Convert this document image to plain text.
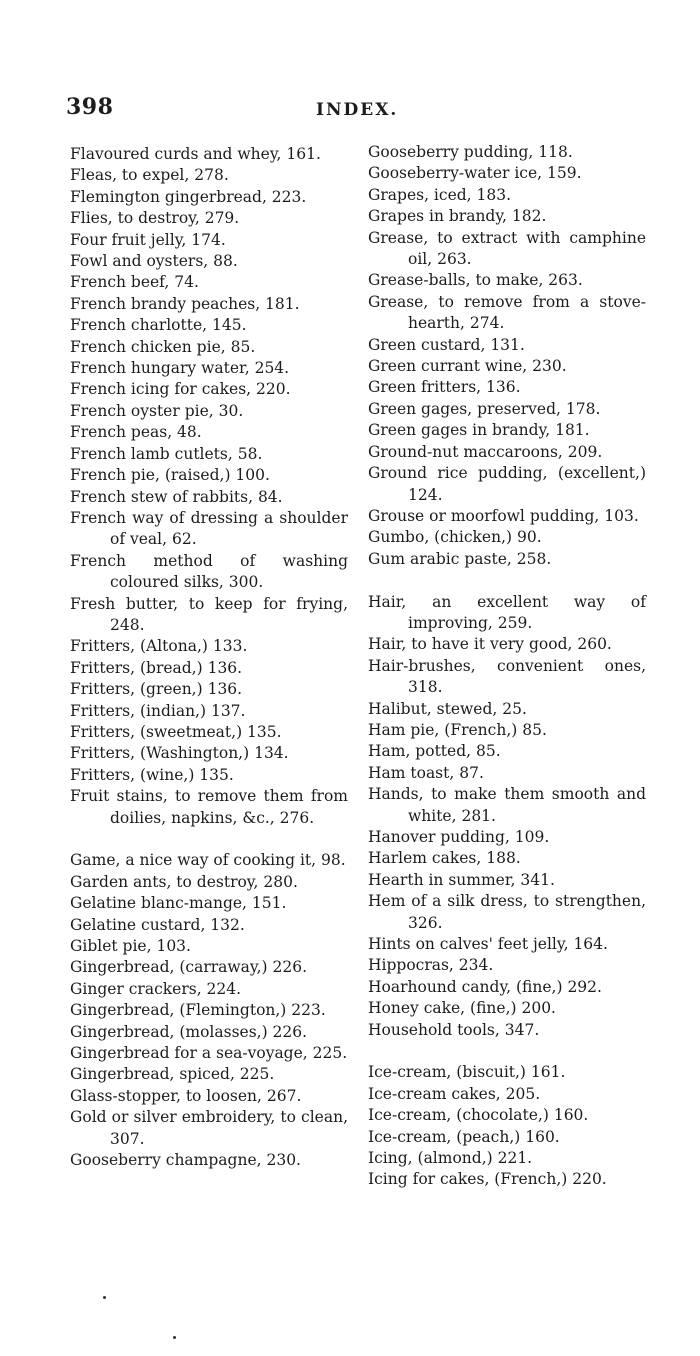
398	INDEX.
Flavoured curds and whey, 161.
Fleas, to expel, 278.
Flemington gingerbread, 223.
Flies, to destroy, 279.
Four fruit jelly, 174.
Fowl and oysters, 88.
French beef, 74.
French brandy peaches, 181.
French charlotte, 145.
French chicken pie, 85.
French hungary water, 254.
French icing for cakes, 220.
French oyster pie, 30.
French peas, 48.
French lamb cutlets, 58.
French pie, (raised,) 100.
French stew of rabbits, 84.
French way of dressing a shoulder of veal, 62.
French method of washing coloured silks, 300.
Fresh butter, to keep for frying, 248.
Fritters, (Altona,) 133.
Fritters, (bread,) 136.
Fritters, (green,) 136.
Fritters, (indian,) 137.
Fritters, (sweetmeat,) 135.
Fritters, (Washington,) 134.
Fritters, (wine,) 135.
Fruit stains, to remove them from doilies, napkins, &c., 276.
Game, a nice way of cooking it, 98.
Garden ants, to destroy, 280.
Gelatine blanc-mange, 151.
Gelatine custard, 132.
Giblet pie, 103.
Gingerbread, (carraway,) 226.
Ginger crackers, 224.
Gingerbread, (Flemington,) 223.
Gingerbread, (molasses,) 226.
Gingerbread for a sea-voyage, 225.
Gingerbread, spiced, 225.
Glass-stopper, to loosen, 267.
Gold or silver embroidery, to clean, 307.
Gooseberry champagne, 230.
Gooseberry pudding, 118.
Gooseberry-water ice, 159.
Grapes, iced, 183.
Grapes in brandy, 182.
Grease, to extract with camphine oil, 263.
Grease-balls, to make, 263.
Grease, to remove from a stove-hearth, 274.
Green custard, 131.
Green currant wine, 230.
Green fritters, 136.
Green gages, preserved, 178.
Green gages in brandy, 181.
Ground-nut maccaroons, 209.
Ground rice pudding, (excellent,) 124.
Grouse or moorfowl pudding, 103.
Gumbo, (chicken,) 90.
Gum arabic paste, 258.
Hair, an excellent way of improving, 259.
Hair, to have it very good, 260.
Hair-brushes, convenient ones, 318.
Halibut, stewed, 25.
Ham pie, (French,) 85.
Ham, potted, 85.
Ham toast, 87.
Hands, to make them smooth and white, 281.
Hanover pudding, 109.
Harlem cakes, 188.
Hearth in summer, 341.
Hem of a silk dress, to strengthen, 326.
Hints on calves' feet jelly, 164.
Hippocras, 234.
Hoarhound candy, (fine,) 292.
Honey cake, (fine,) 200.
Household tools, 347.
Ice-cream, (biscuit,) 161.
Ice-cream cakes, 205.
Ice-cream, (chocolate,) 160.
Ice-cream, (peach,) 160.
Icing, (almond,) 221.
Icing for cakes, (French,) 220.
